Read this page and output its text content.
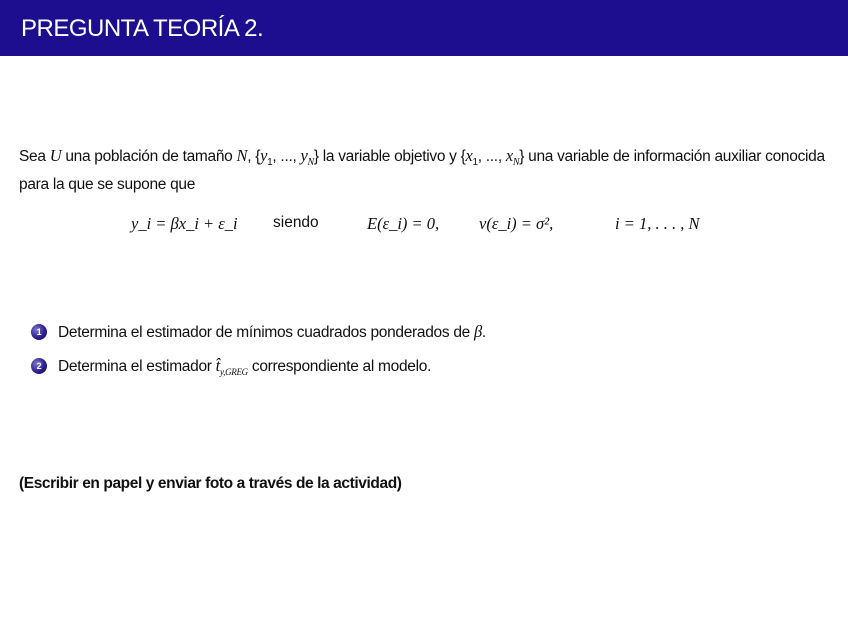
PREGUNTA TEORÍA 2.
Sea U una población de tamaño N, {$y_1$, ..., $y_N$} la variable objetivo y {$x_1$, ..., $x_N$} una variable de información auxiliar conocida para la que se supone que
y_i = βx_i + ε_i siendo	E(ε_i) = 0, v(ε_i) = σ²,	i = 1, . . . , N
1	Determina el estimador de mínimos cuadrados ponderados de β.
2	Determina el estimador $t̂_{y,GREG}$ correspondiente al modelo.
(Escribir en papel y enviar foto a través de la actividad)
